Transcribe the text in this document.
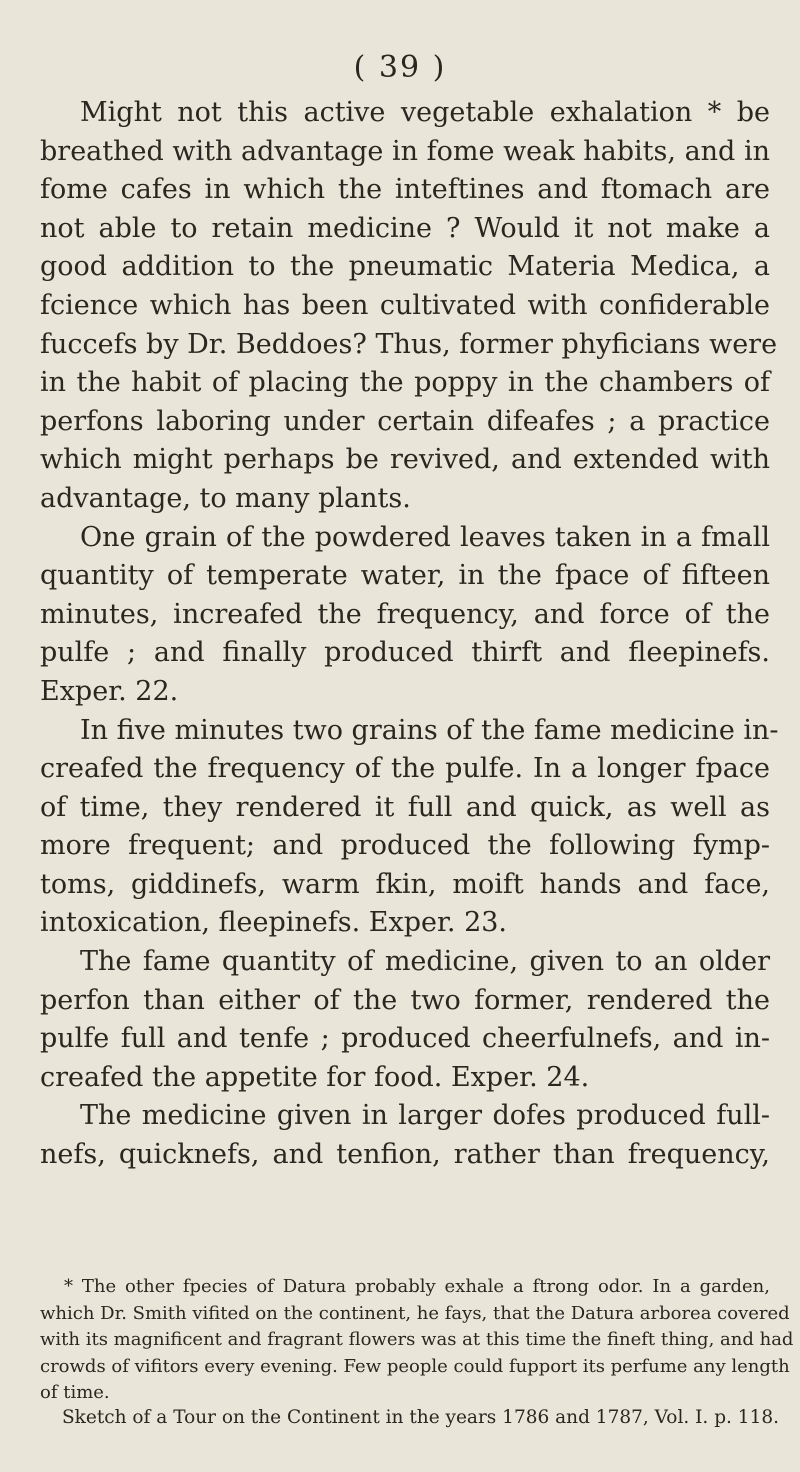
( 39 )
Might not this active vegetable exhalation * be
breathed with advantage in fome weak habits, and in
fome cafes in which the inteftines and ftomach are
not able to retain medicine ? Would it not make a
good addition to the pneumatic Materia Medica, a
fcience which has been cultivated with confiderable
fuccefs by Dr. Beddoes? Thus, former phyficians were
in the habit of placing the poppy in the chambers of
perfons laboring under certain difeafes ; a practice
which might perhaps be revived, and extended with
advantage, to many plants.
One grain of the powdered leaves taken in a fmall
quantity of temperate water, in the fpace of fifteen
minutes, increafed the frequency, and force of the
pulfe ; and finally produced thirft and fleepinefs.
Exper. 22.
In five minutes two grains of the fame medicine in-
creafed the frequency of the pulfe. In a longer fpace
of time, they rendered it full and quick, as well as
more frequent; and produced the following fymp-
toms, giddinefs, warm fkin, moift hands and face,
intoxication, fleepinefs. Exper. 23.
The fame quantity of medicine, given to an older
perfon than either of the two former, rendered the
pulfe full and tenfe ; produced cheerfulnefs, and in-
creafed the appetite for food. Exper. 24.
The medicine given in larger dofes produced full-
nefs, quicknefs, and tenfion, rather than frequency,
* The other fpecies of Datura probably exhale a ftrong odor. In a garden,
which Dr. Smith vifited on the continent, he fays, that the Datura arborea covered
with its magnificent and fragrant flowers was at this time the fineft thing, and had
crowds of vifitors every evening. Few people could fupport its perfume any length
of time.
Sketch of a Tour on the Continent in the years 1786 and 1787, Vol. I. p. 118.
